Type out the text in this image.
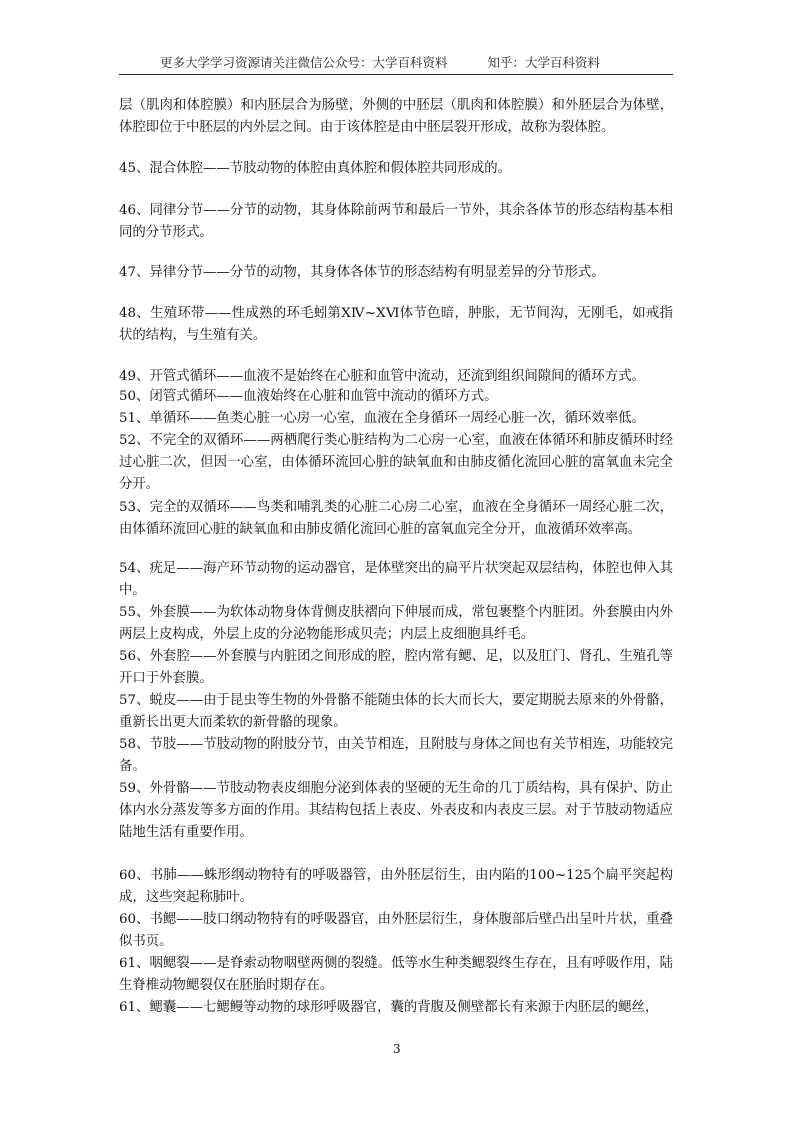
更多大学学习资源请关注微信公众号：大学百科资料	知乎：大学百科资料
层（肌肉和体腔膜）和内胚层合为肠壁，外侧的中胚层（肌肉和体腔膜）和外胚层合为体壁，体腔即位于中胚层的内外层之间。由于该体腔是由中胚层裂开形成，故称为裂体腔。
45、混合体腔——节肢动物的体腔由真体腔和假体腔共同形成的。
46、同律分节——分节的动物，其身体除前两节和最后一节外，其余各体节的形态结构基本相同的分节形式。
47、异律分节——分节的动物，其身体各体节的形态结构有明显差异的分节形式。
48、生殖环带——性成熟的环毛蚓第ⅩⅣ~ⅩⅥ体节色暗，肿胀，无节间沟，无刚毛，如戒指状的结构，与生殖有关。
49、开管式循环——血液不是始终在心脏和血管中流动，还流到组织间隙间的循环方式。
50、闭管式循环——血液始终在心脏和血管中流动的循环方式。
51、单循环——鱼类心脏一心房一心室，血液在全身循环一周经心脏一次，循环效率低。
52、不完全的双循环——两栖爬行类心脏结构为二心房一心室，血液在体循环和肺皮循环时经过心脏二次，但因一心室，由体循环流回心脏的缺氧血和由肺皮循化流回心脏的富氧血未完全分开。
53、完全的双循环——鸟类和哺乳类的心脏二心房二心室，血液在全身循环一周经心脏二次，由体循环流回心脏的缺氧血和由肺皮循化流回心脏的富氧血完全分开，血液循环效率高。
54、疣足——海产环节动物的运动器官，是体壁突出的扁平片状突起双层结构，体腔也伸入其中。
55、外套膜——为软体动物身体背侧皮肤褶向下伸展而成，常包裹整个内脏团。外套膜由内外两层上皮构成，外层上皮的分泌物能形成贝壳；内层上皮细胞具纤毛。
56、外套腔——外套膜与内脏团之间形成的腔，腔内常有鳃、足，以及肛门、肾孔、生殖孔等开口于外套膜。
57、蜕皮——由于昆虫等生物的外骨骼不能随虫体的长大而长大，要定期脱去原来的外骨骼，重新长出更大而柔软的新骨骼的现象。
58、节肢——节肢动物的附肢分节，由关节相连，且附肢与身体之间也有关节相连，功能较完备。
59、外骨骼——节肢动物表皮细胞分泌到体表的坚硬的无生命的几丁质结构，具有保护、防止体内水分蒸发等多方面的作用。其结构包括上表皮、外表皮和内表皮三层。对于节肢动物适应陆地生活有重要作用。
60、书肺——蛛形纲动物特有的呼吸器管，由外胚层衍生，由内陷的100~125个扁平突起构成，这些突起称肺叶。
60、书鳃——肢口纲动物特有的呼吸器官，由外胚层衍生，身体腹部后壁凸出呈叶片状，重叠似书页。
61、咽鳃裂——是脊索动物咽壁两侧的裂缝。低等水生种类鳃裂终生存在，且有呼吸作用，陆生脊椎动物鳃裂仅在胚胎时期存在。
61、鳃囊——七鳃鳗等动物的球形呼吸器官，囊的背腹及侧壁都长有来源于内胚层的鳃丝，
3
